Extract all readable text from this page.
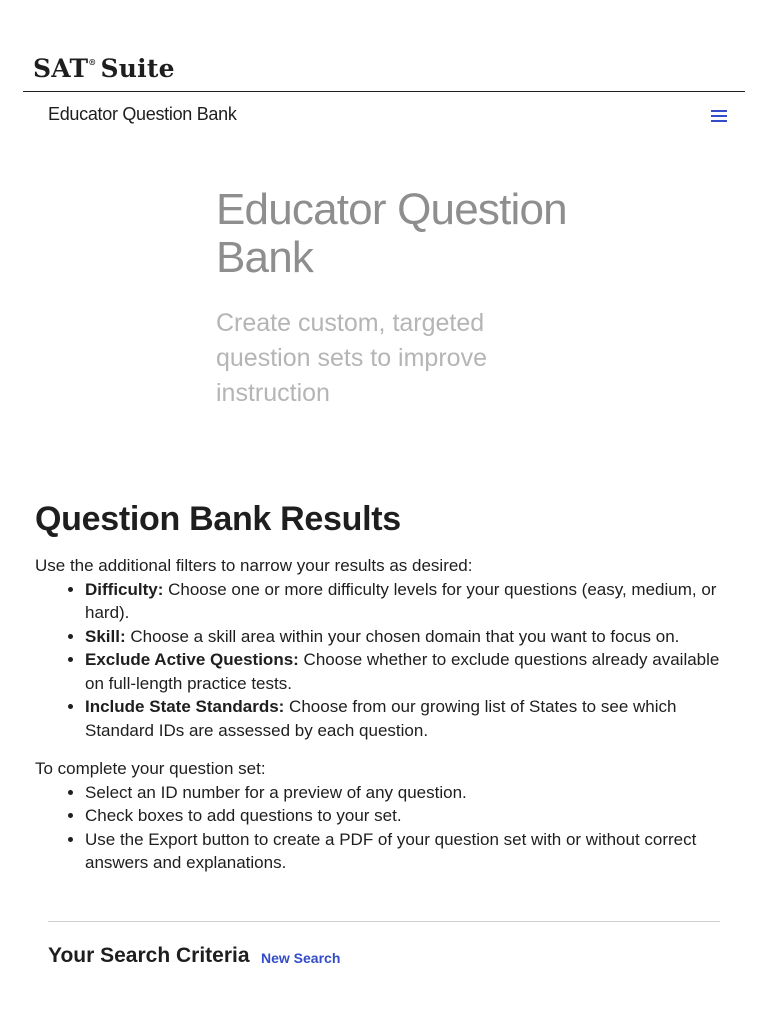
SAT® Suite
Educator Question Bank
Educator Question Bank

Create custom, targeted question sets to improve instruction

Question Bank Results

Use the additional filters to narrow your results as desired:

• Difficulty: Choose one or more difficulty levels for your questions (easy, medium, or hard).
• Skill: Choose a skill area within your chosen domain that you want to focus on.
• Exclude Active Questions: Choose whether to exclude questions already available on full-length practice tests.
• Include State Standards: Choose from our growing list of States to see which Standard IDs are assessed by each question.

To complete your question set:

• Select an ID number for a preview of any question.
• Check boxes to add questions to your set.
• Use the Export button to create a PDF of your question set with or without correct answers and explanations.
Your Search Criteria New Search
